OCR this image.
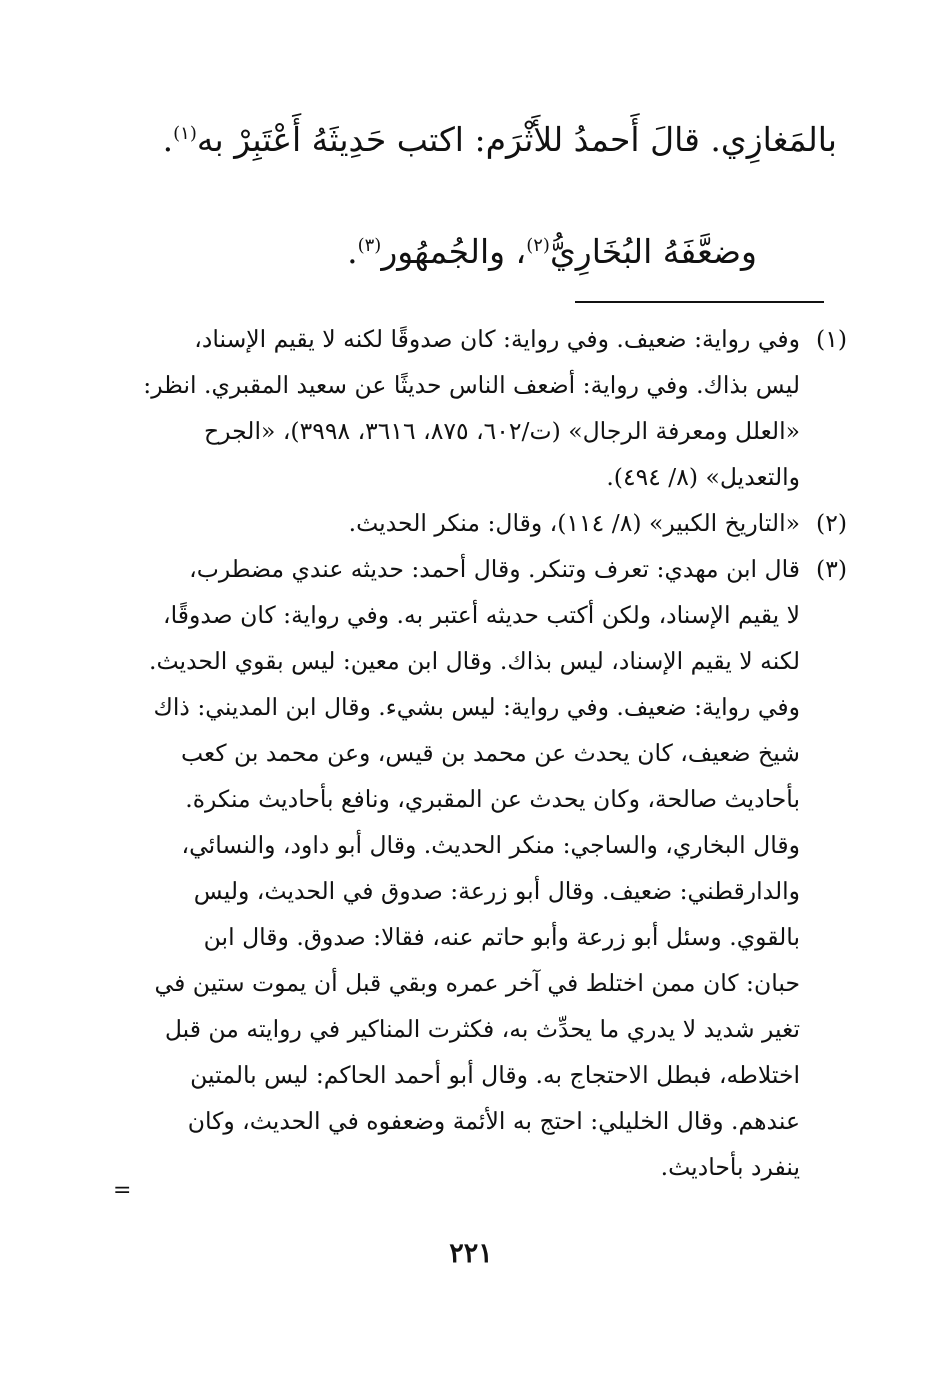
بالمَغازِي. قالَ أَحمدُ للأَثْرَم: اكتب حَدِيثَهُ أَعْتَبِرْ به$^{(١)}$.
وضعَّفَهُ البُخَارِيُّ$^{(٢)}$، والجُمهُور$^{(٣)}$.
(١)
وفي رواية: ضعيف. وفي رواية: كان صدوقًا لكنه لا يقيم الإسناد،
ليس بذاك. وفي رواية: أضعف الناس حديثًا عن سعيد المقبري. انظر:
«العلل ومعرفة الرجال» (ت/٦٠٢، ٨٧٥، ٣٦١٦، ٣٩٩٨)، «الجرح
والتعديل» (٨/ ٤٩٤).
(٢)
«التاريخ الكبير» (٨/ ١١٤)، وقال: منكر الحديث.
(٣)
قال ابن مهدي: تعرف وتنكر. وقال أحمد: حديثه عندي مضطرب،
لا يقيم الإسناد، ولكن أكتب حديثه أعتبر به. وفي رواية: كان صدوقًا،
لكنه لا يقيم الإسناد، ليس بذاك. وقال ابن معين: ليس بقوي الحديث.
وفي رواية: ضعيف. وفي رواية: ليس بشيء. وقال ابن المديني: ذاك
شيخ ضعيف، كان يحدث عن محمد بن قيس، وعن محمد بن كعب
بأحاديث صالحة، وكان يحدث عن المقبري، ونافع بأحاديث منكرة.
وقال البخاري، والساجي: منكر الحديث. وقال أبو داود، والنسائي،
والدارقطني: ضعيف. وقال أبو زرعة: صدوق في الحديث، وليس
بالقوي. وسئل أبو زرعة وأبو حاتم عنه، فقالا: صدوق. وقال ابن
حبان: كان ممن اختلط في آخر عمره وبقي قبل أن يموت ستين في
تغير شديد لا يدري ما يحدِّث به، فكثرت المناكير في روايته من قبل
اختلاطه، فبطل الاحتجاج به. وقال أبو أحمد الحاكم: ليس بالمتين
عندهم. وقال الخليلي: احتج به الأئمة وضعفوه في الحديث، وكان
ينفرد بأحاديث.
=
٢٢١
